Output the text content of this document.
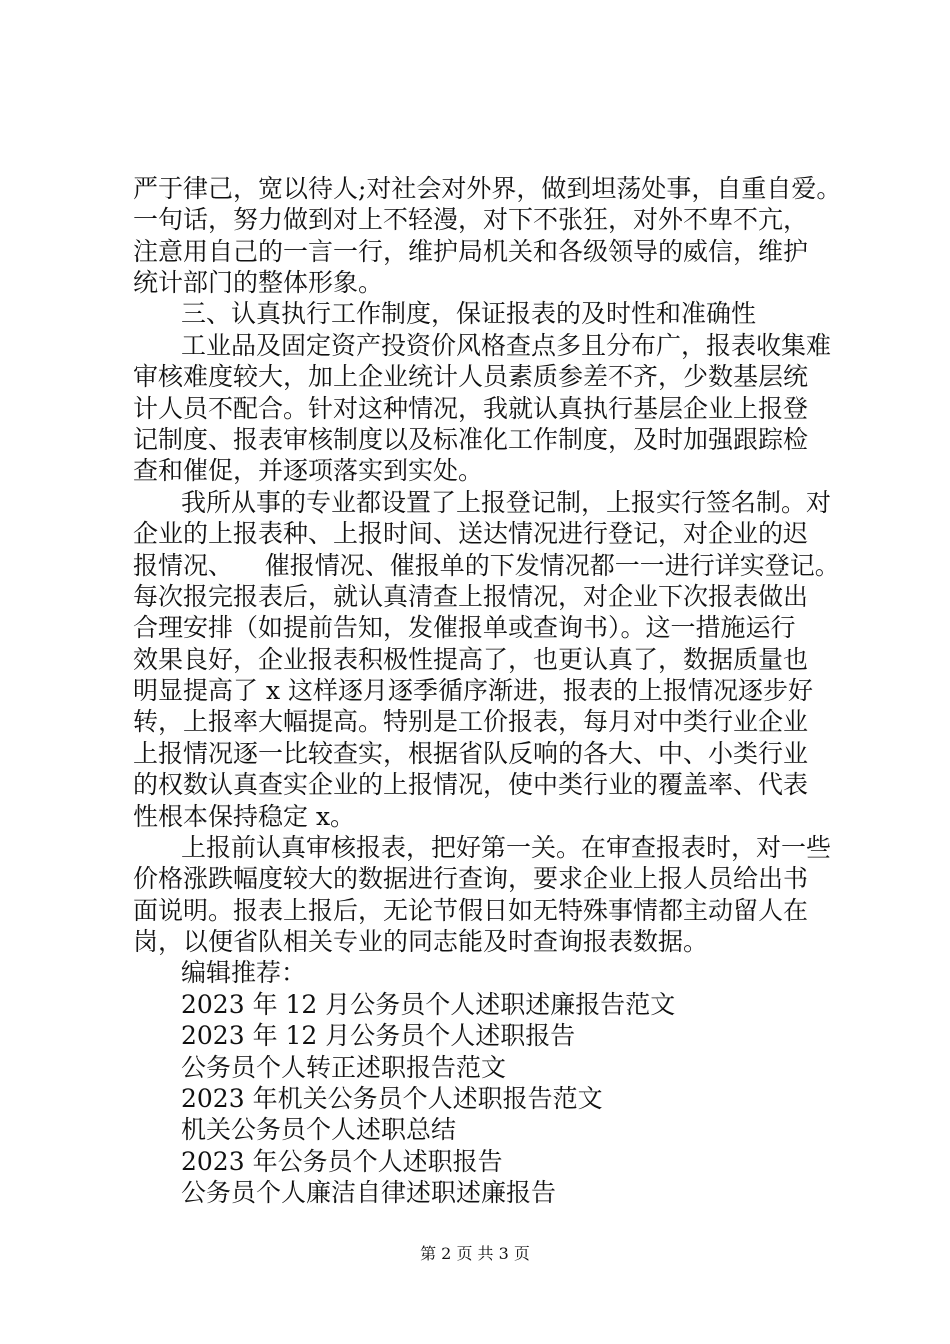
严于律己，宽以待人;对社会对外界，做到坦荡处事，自重自爱。
一句话，努力做到对上不轻漫，对下不张狂，对外不卑不亢，
注意用自己的一言一行，维护局机关和各级领导的威信，维护
统计部门的整体形象。
三、认真执行工作制度，保证报表的及时性和准确性
工业品及固定资产投资价风格查点多且分布广，报表收集难
审核难度较大，加上企业统计人员素质参差不齐，少数基层统
计人员不配合。针对这种情况，我就认真执行基层企业上报登
记制度、报表审核制度以及标准化工作制度，及时加强跟踪检
查和催促，并逐项落实到实处。
我所从事的专业都设置了上报登记制，上报实行签名制。对
企业的上报表种、上报时间、送达情况进行登记，对企业的迟
报情况、    催报情况、催报单的下发情况都一一进行详实登记。
每次报完报表后，就认真清查上报情况，对企业下次报表做出
合理安排（如提前告知，发催报单或查询书）。这一措施运行
效果良好，企业报表积极性提高了，也更认真了，数据质量也
明显提高了 x 这样逐月逐季循序渐进，报表的上报情况逐步好
转，上报率大幅提高。特别是工价报表，每月对中类行业企业
上报情况逐一比较查实，根据省队反响的各大、中、小类行业
的权数认真查实企业的上报情况，使中类行业的覆盖率、代表
性根本保持稳定 x。
上报前认真审核报表，把好第一关。在审查报表时，对一些
价格涨跌幅度较大的数据进行查询，要求企业上报人员给出书
面说明。报表上报后，无论节假日如无特殊事情都主动留人在
岗，以便省队相关专业的同志能及时查询报表数据。
编辑推荐：
2023 年 12 月公务员个人述职述廉报告范文
2023 年 12 月公务员个人述职报告
公务员个人转正述职报告范文
2023 年机关公务员个人述职报告范文
机关公务员个人述职总结
2023 年公务员个人述职报告
公务员个人廉洁自律述职述廉报告
第 2 页 共 3 页
